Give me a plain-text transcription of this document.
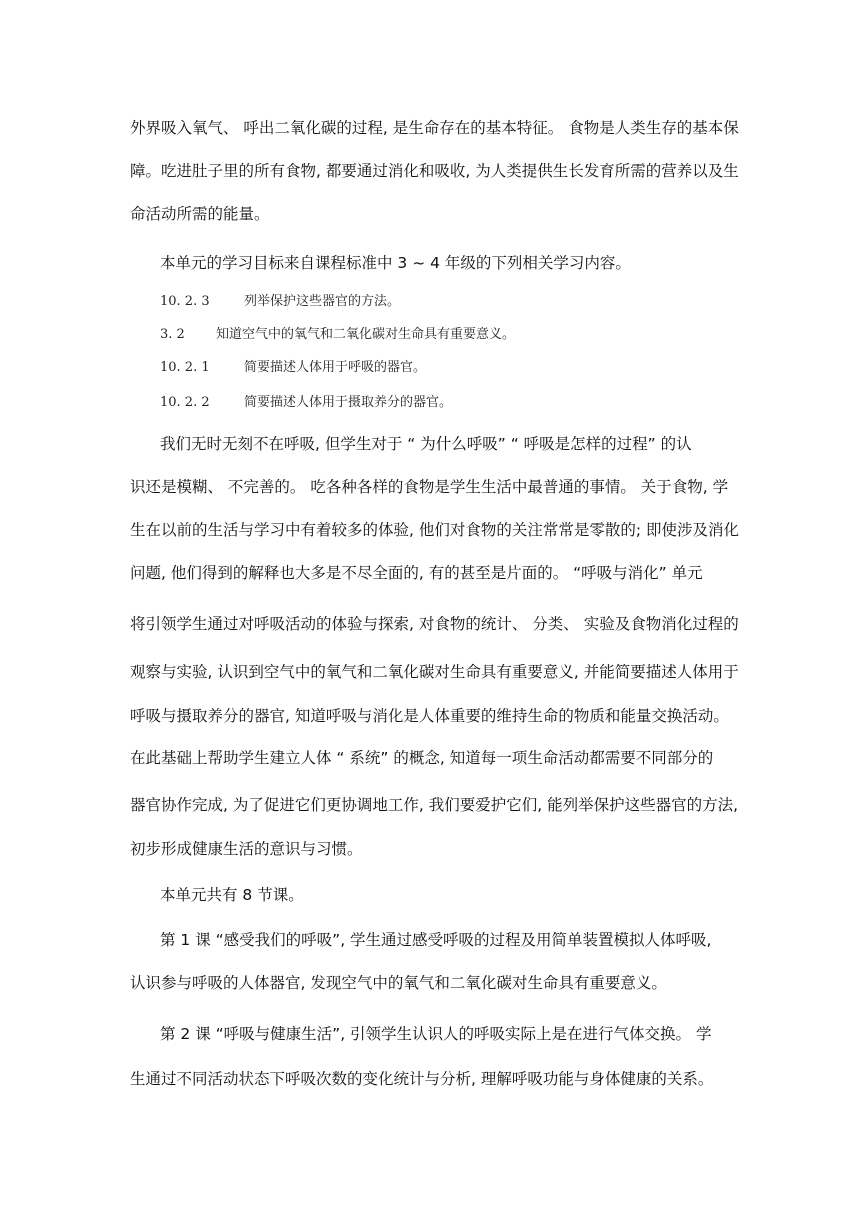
外界吸入氧气、 呼出二氧化碳的过程, 是生命存在的基本特征。 食物是人类生存的基本保
障。吃进肚子里的所有食物, 都要通过消化和吸收, 为人类提供生长发育所需的营养以及生
命活动所需的能量。
本单元的学习目标来自课程标准中 3 ~ 4 年级的下列相关学习内容。
10. 2. 3	列举保护这些器官的方法。
3. 2 知道空气中的氧气和二氧化碳对生命具有重要意义。
10. 2. 1	简要描述人体用于呼吸的器官。
10. 2. 2	简要描述人体用于摄取养分的器官。
我们无时无刻不在呼吸, 但学生对于 “ 为什么呼吸” “ 呼吸是怎样的过程” 的认
识还是模糊、 不完善的。 吃各种各样的食物是学生生活中最普通的事情。 关于食物, 学
生在以前的生活与学习中有着较多的体验, 他们对食物的关注常常是零散的; 即使涉及消化
问题, 他们得到的解释也大多是不尽全面的, 有的甚至是片面的。 “呼吸与消化” 单元
将引领学生通过对呼吸活动的体验与探索, 对食物的统计、 分类、 实验及食物消化过程的
观察与实验, 认识到空气中的氧气和二氧化碳对生命具有重要意义, 并能简要描述人体用于
呼吸与摄取养分的器官, 知道呼吸与消化是人体重要的维持生命的物质和能量交换活动。
在此基础上帮助学生建立人体 “ 系统” 的概念, 知道每一项生命活动都需要不同部分的
器官协作完成, 为了促进它们更协调地工作, 我们要爱护它们, 能列举保护这些器官的方法,
初步形成健康生活的意识与习惯。
本单元共有 8 节课。
第 1 课 “感受我们的呼吸”, 学生通过感受呼吸的过程及用简单装置模拟人体呼吸,
认识参与呼吸的人体器官, 发现空气中的氧气和二氧化碳对生命具有重要意义。
第 2 课 “呼吸与健康生活”, 引领学生认识人的呼吸实际上是在进行气体交换。 学
生通过不同活动状态下呼吸次数的变化统计与分析, 理解呼吸功能与身体健康的关系。
